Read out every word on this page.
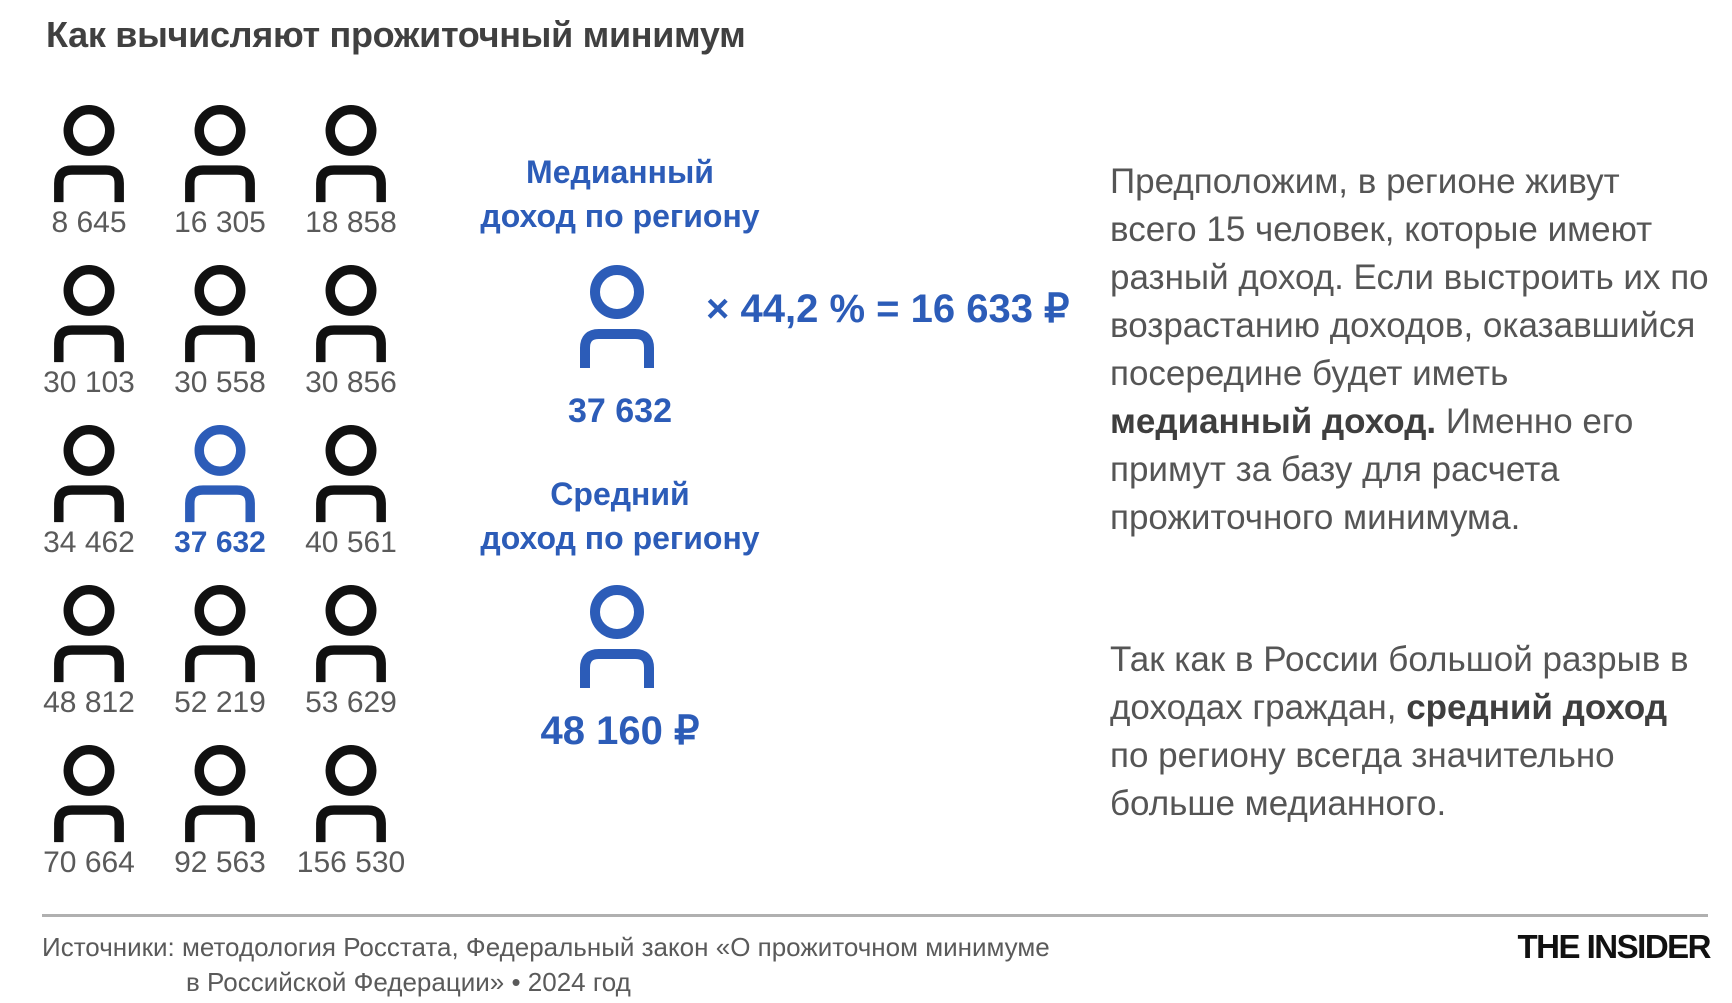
Как вычисляют прожиточный минимум
8 645	16 305	18 858
30 103	30 558	30 856
34 462	37 632	40 561
48 812	52 219	53 629
70 664	92 563	156 530
Медианный
доход по региону
37 632
× 44,2 % = 16 633 ₽
Средний
доход по региону
48 160 ₽
Предположим, в регионе живут всего 15 человек, которые имеют разный доход. Если выстроить их по возрастанию доходов, оказавшийся посередине будет иметь медианный доход. Именно его примут за базу для расчета прожиточного минимума.
Так как в России большой разрыв в доходах граждан, средний доход по региону всегда значительно больше медианного.
Источники: методология Росстата, Федеральный закон «О прожиточном минимуме
в Российской Федерации» • 2024 год
THE INSIDER
